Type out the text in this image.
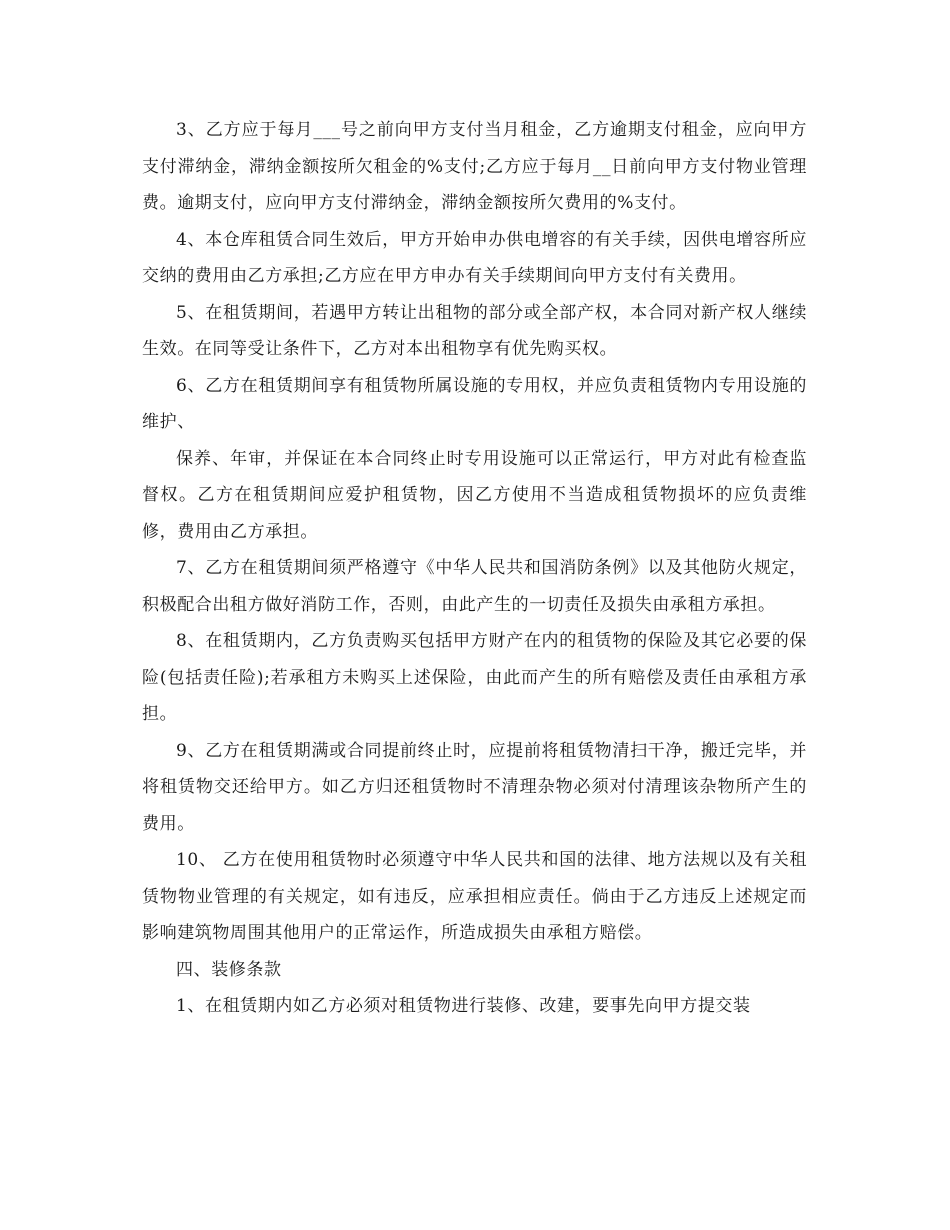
3、乙方应于每月___号之前向甲方支付当月租金，乙方逾期支付租金，应向甲方支付滞纳金，滞纳金额按所欠租金的%支付;乙方应于每月__日前向甲方支付物业管理费。逾期支付，应向甲方支付滞纳金，滞纳金额按所欠费用的%支付。

4、本仓库租赁合同生效后，甲方开始申办供电增容的有关手续，因供电增容所应交纳的费用由乙方承担;乙方应在甲方申办有关手续期间向甲方支付有关费用。

5、在租赁期间，若遇甲方转让出租物的部分或全部产权，本合同对新产权人继续生效。在同等受让条件下，乙方对本出租物享有优先购买权。

6、乙方在租赁期间享有租赁物所属设施的专用权，并应负责租赁物内专用设施的维护、

保养、年审，并保证在本合同终止时专用设施可以正常运行，甲方对此有检查监督权。乙方在租赁期间应爱护租赁物，因乙方使用不当造成租赁物损坏的应负责维修，费用由乙方承担。

7、乙方在租赁期间须严格遵守《中华人民共和国消防条例》以及其他防火规定，积极配合出租方做好消防工作，否则，由此产生的一切责任及损失由承租方承担。

8、在租赁期内，乙方负责购买包括甲方财产在内的租赁物的保险及其它必要的保险(包括责任险);若承租方未购买上述保险，由此而产生的所有赔偿及责任由承租方承担。

9、乙方在租赁期满或合同提前终止时，应提前将租赁物清扫干净，搬迁完毕，并将租赁物交还给甲方。如乙方归还租赁物时不清理杂物必须对付清理该杂物所产生的费用。

10、 乙方在使用租赁物时必须遵守中华人民共和国的法律、地方法规以及有关租赁物物业管理的有关规定，如有违反，应承担相应责任。倘由于乙方违反上述规定而影响建筑物周围其他用户的正常运作，所造成损失由承租方赔偿。

四、装修条款

1、在租赁期内如乙方必须对租赁物进行装修、改建，要事先向甲方提交装
